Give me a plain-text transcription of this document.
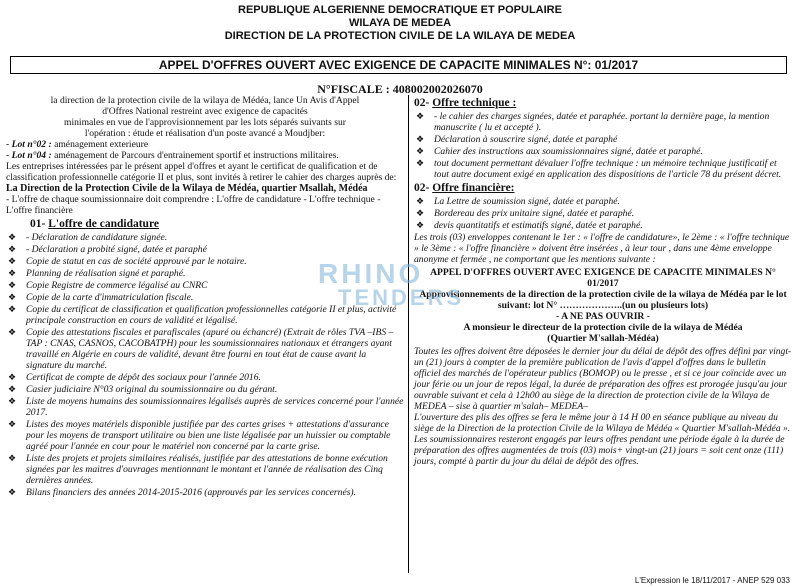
REPUBLIQUE ALGERIENNE DEMOCRATIQUE ET POPULAIRE
WILAYA DE MEDEA
DIRECTION DE LA PROTECTION CIVILE DE LA WILAYA DE MEDEA
APPEL D'OFFRES OUVERT AVEC EXIGENCE DE CAPACITE MINIMALES N°: 01/2017
N°FISCALE : 408002002026070

la direction de la protection civile de la wilaya de Médéa, lance Un Avis d'Appel

d'Offres National restreint avec exigence de capacités

minimales en vue de l'approvisionnement par les lots séparés suivants sur

l'opération : étude et réalisation d'un poste avancé a Moudjber:

- Lot n°02 : aménagement exterieure

- Lot n°04 : aménagement de Parcours d'entrainement sportif et instructions militaires.

Les entreprises intéressées par le présent appel d'offres et ayant le certificat de qualification et de classification professionnelle catégorie II et plus, sont invités à retirer le cahier des charges auprès de:

La Direction de la Protection Civile de la Wilaya de Médéa, quartier Msallah, Médéa

- L'offre de chaque soumissionnaire doit comprendre : L'offre de candidature - L'offre technique - L'offre financière

01- L'offre de candidature
❖ - Déclaration de candidature signée.
❖ - Déclaration a probité signé, datée et paraphé
❖ Copie de statut en cas de société approuvé par le notaire.
❖ Planning de réalisation signé et paraphé.
❖ Copie Registre de commerce légalisé au CNRC
❖ Copie de la carte d'immatriculation fiscale.
❖ Copie du certificat de classification et qualification professionnelles catégorie II et plus, activité principale construction en cours de validité et légalisé.
❖ Copie des attestations fiscales et parafiscales (apuré ou échancré) (Extrait de rôles TVA –IBS –TAP : CNAS, CASNOS, CACOBATPH) pour les soumissionnaires nationaux et étrangers ayant travaillé en Algérie en cours de validité, devant être fourni en tout état de cause avant la signature du marché.
❖ Certificat de compte de dépôt des sociaux pour l'année 2016.
❖ Casier judiciaire N°03 original du soumissionnaire ou du gérant.
❖ Liste de moyens humains des soumissionnaires légalisés auprès de services concerné pour l'année 2017.
❖ Listes des moyes matériels disponible justifiée par des cartes grises + attestations d'assurance pour les moyens de transport utilitaire ou bien une liste légalisée par un huissier ou comptable agréé pour l'année en cour pour le matériel non concerné par la carte grise.
❖ Liste des projets et projets similaires réalisés, justifiée par des attestations de bonne exécution signées par les maitres d'ouvrages mentionnant le montant et l'année de réalisation des Cinq dernières années.
❖ Bilans financiers des années 2014-2015-2016 (approuvés par les services concernés).
02- Offre technique :
❖ - le cahier des charges signées, datée et paraphée. portant la dernière page, la mention manuscrite ( lu et accepté ).
❖ Déclaration à souscrire signé, datée et paraphé
❖ Cahier des instructions aux soumissionnaires signé, datée et paraphé.
❖ tout document permettant dévaluer l'offre technique : un mémoire technique justificatif et tout autre document exigé en application des dispositions de l'article 78 du présent décret.
02- Offre financière:
❖ La Lettre de soumission signé, datée et paraphé.
❖ Bordereau des prix unitaire signé, datée et paraphé.
❖ devis quantitatifs et estimatifs signé, datée et paraphé.

Les trois (03) enveloppes contenant le 1er : « l'offre de candidature», le 2ème : « l'offre technique » le 3ème : « l'offre financière » doivent être insérées , à leur tour , dans une 4ème enveloppe anonyme et fermée , ne comportant que les mentions suivante :

APPEL D'OFFRES OUVERT AVEC EXIGENCE DE CAPACITE MINIMALES N° 01/2017

Approvisionnements de la direction de la protection civile de la wilaya de Médéa par le lot suivant: lot N° ………………..(un ou plusieurs lots)

- A NE PAS OUVRIR -

A monsieur le directeur de la protection civile de la wilaya de Médéa

(Quartier M'sallah-Médéa)

Toutes les offres doivent être déposées le dernier jour du délai de dépôt des offres défini par vingt-un (21) jours à compter de la première publication de l'avis d'appel d'offres dans le bulletin officiel des marchés de l'opérateur publics (BOMOP) ou le presse , et si ce jour coïncide avec un jour férie ou un jour de repos légal, la durée de préparation des offres est prorogée jusqu'au jour ouvrable suivant et cela à 12h00 au siège de la direction de protection civile de la Wilaya de MEDEA – sise à quartier m'salah– MEDEA–

L'ouverture des plis des offres se fera le même jour à 14 H 00 en séance publique au niveau du siège de la Direction de la protection Civile de la Wilaya de Médéa « Quartier M'sallah-Médéa ». Les soumissionnaires resteront engagés par leurs offres pendant une période égale à la durée de préparation des offres augmentées de trois (03) mois+ vingt-un (21) jours = soit cent onze (111) jours, compté à partir du jour du délai de dépôt des offres.

RHINO
TENDERS
L'Expression le 18/11/2017 - ANEP 529 033
